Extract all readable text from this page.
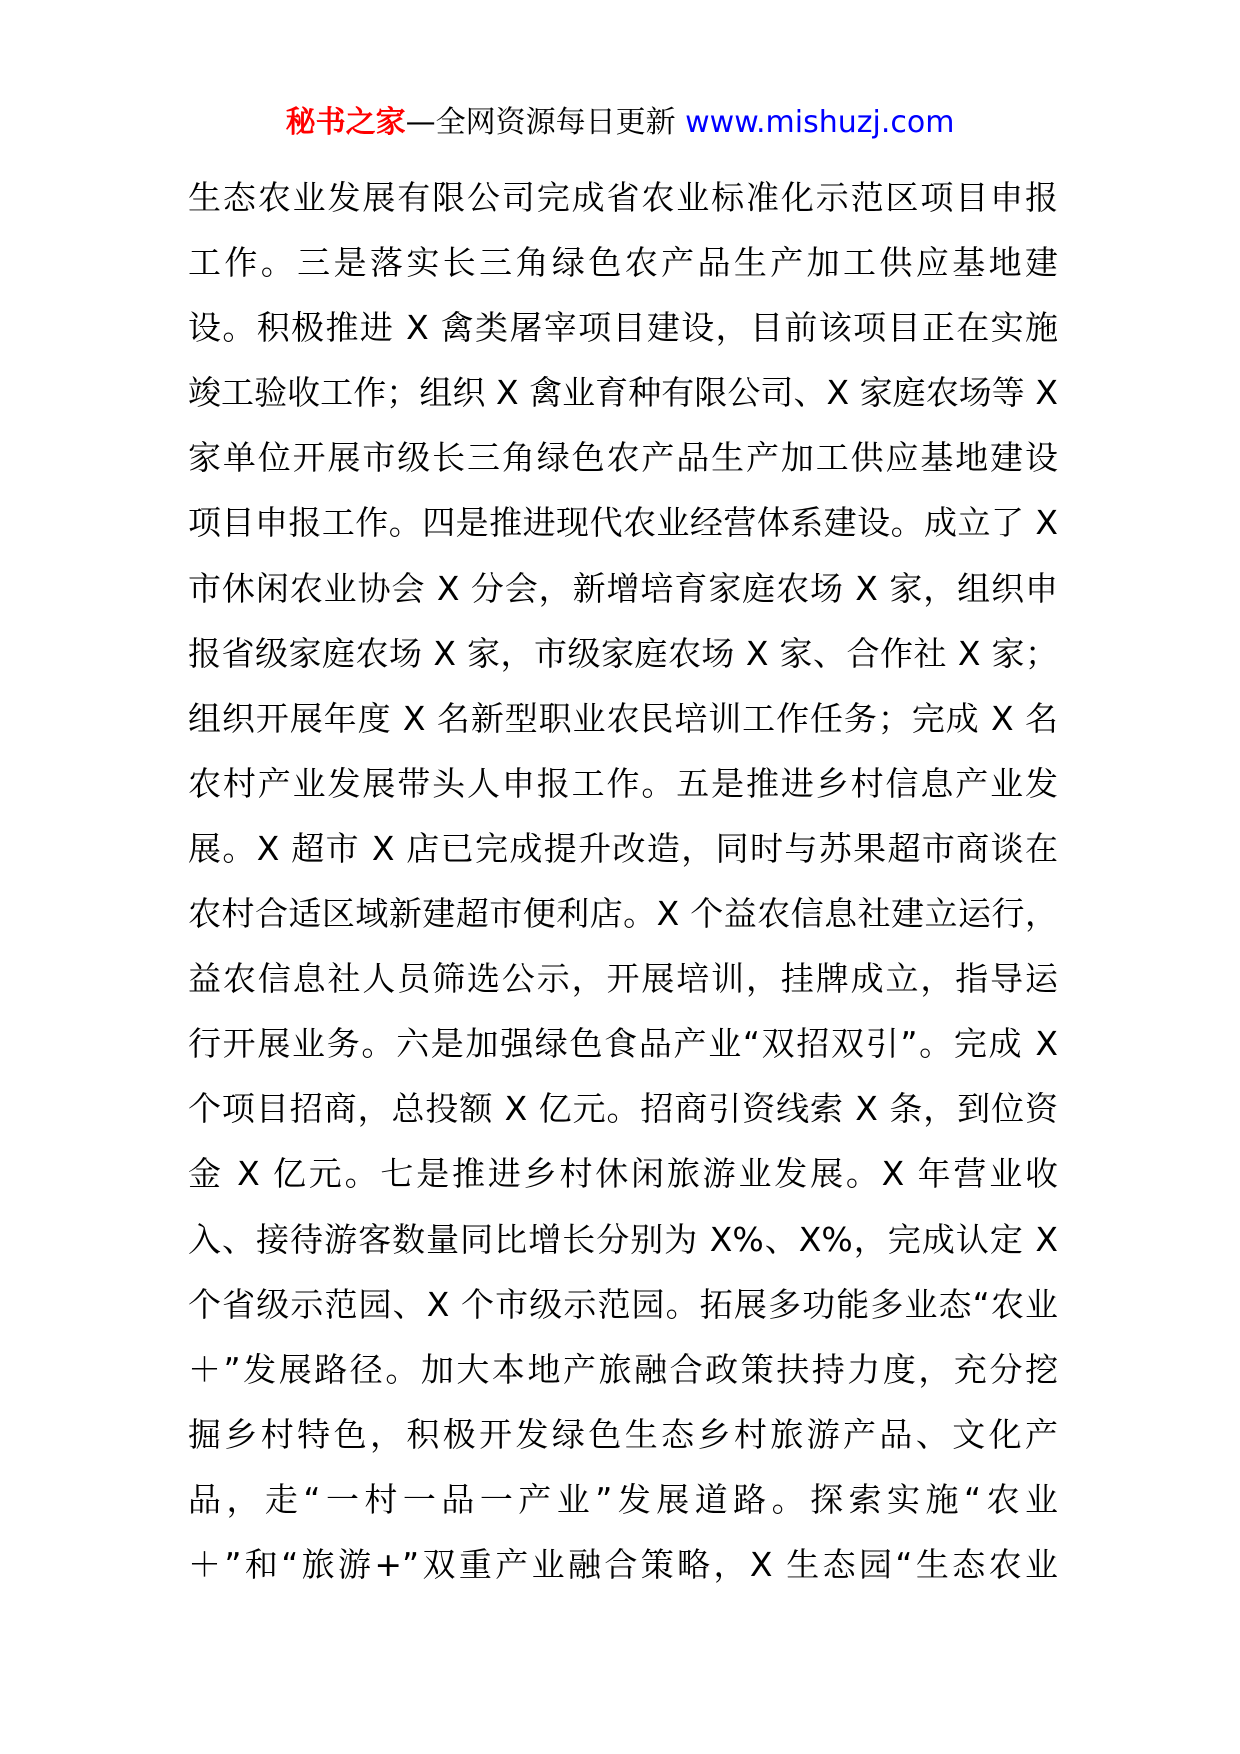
秘书之家—全网资源每日更新 www.mishuzj.com
生态农业发展有限公司完成省农业标准化示范区项目申报
工作。三是落实长三角绿色农产品生产加工供应基地建
设。积极推进 X 禽类屠宰项目建设，目前该项目正在实施
竣工验收工作；组织 X 禽业育种有限公司、X 家庭农场等 X
家单位开展市级长三角绿色农产品生产加工供应基地建设
项目申报工作。四是推进现代农业经营体系建设。成立了 X
市休闲农业协会 X 分会，新增培育家庭农场 X 家，组织申
报省级家庭农场 X 家，市级家庭农场 X 家、合作社 X 家；
组织开展年度 X 名新型职业农民培训工作任务；完成 X 名
农村产业发展带头人申报工作。五是推进乡村信息产业发
展。X 超市 X 店已完成提升改造，同时与苏果超市商谈在
农村合适区域新建超市便利店。X 个益农信息社建立运行，
益农信息社人员筛选公示，开展培训，挂牌成立，指导运
行开展业务。六是加强绿色食品产业“双招双引”。完成 X
个项目招商，总投额 X 亿元。招商引资线索 X 条，到位资
金 X 亿元。七是推进乡村休闲旅游业发展。X 年营业收
入、接待游客数量同比增长分别为 X%、X%，完成认定 X
个省级示范园、X 个市级示范园。拓展多功能多业态“农业
＋”发展路径。加大本地产旅融合政策扶持力度，充分挖
掘乡村特色，积极开发绿色生态乡村旅游产品、文化产
品，走“一村一品一产业”发展道路。探索实施“农业
＋”和“旅游+”双重产业融合策略，X 生态园“生态农业
